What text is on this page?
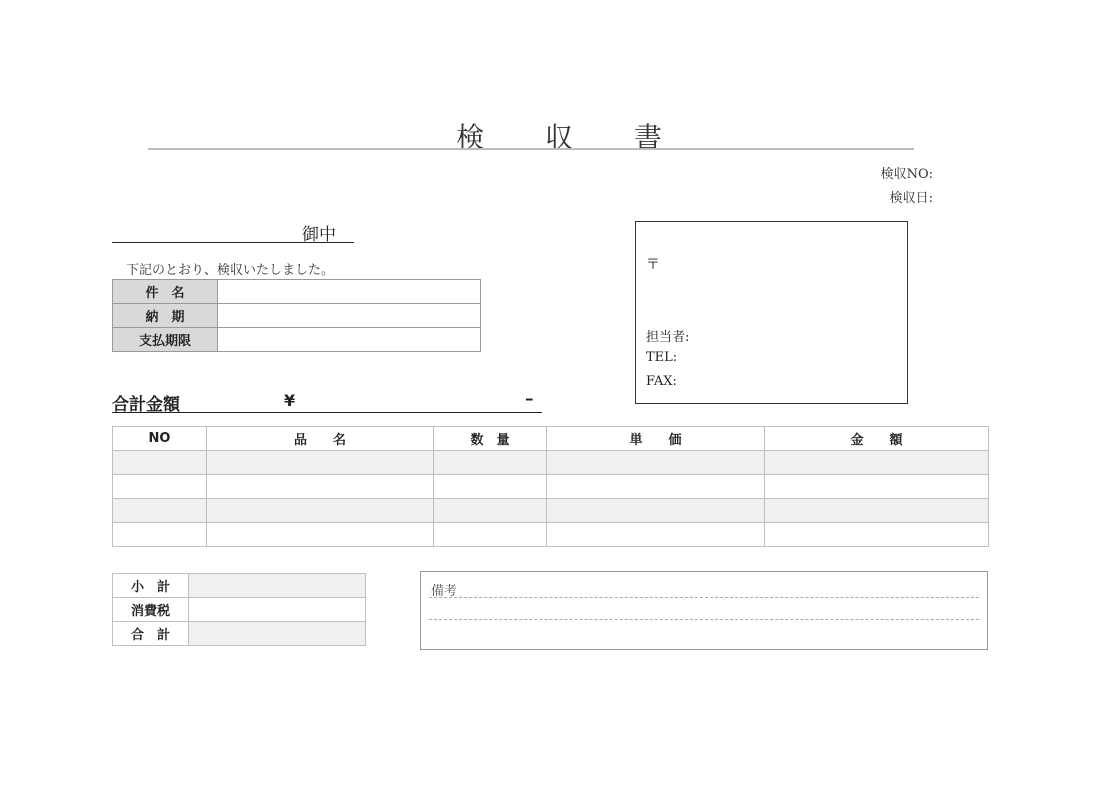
検 収 書
検収NO:
検収日:
御中
下記のとおり、検収いたしました。
件　名	
納　期	
支払期限	
合計金額	¥	–
〒
担当者:
TEL:
FAX:
NO	品　　名	数　量	単　　価	金　　額

小　計	
消費税	
合　計	
備考
